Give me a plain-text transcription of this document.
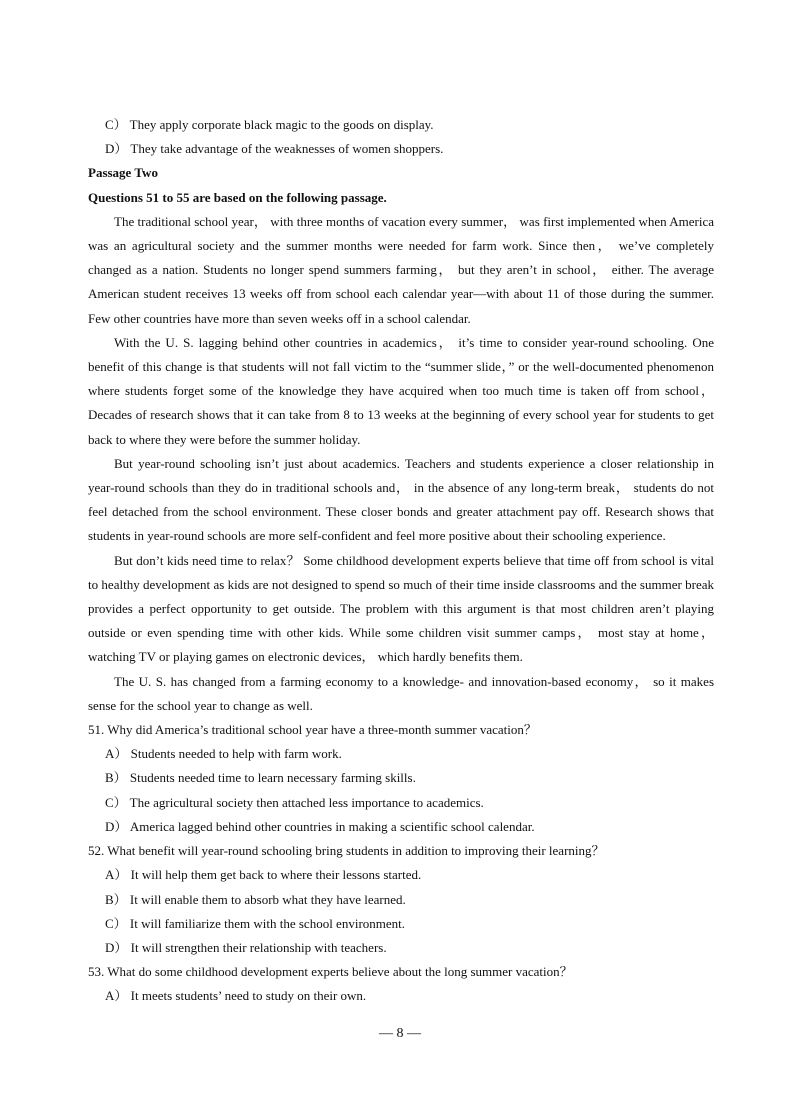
C） They apply corporate black magic to the goods on display.
D） They take advantage of the weaknesses of women shoppers.
Passage Two
Questions 51 to 55 are based on the following passage.
The traditional school year， with three months of vacation every summer， was first implemented when America was an agricultural society and the summer months were needed for farm work. Since then， we’ve completely changed as a nation. Students no longer spend summers farming， but they aren’t in school， either. The average American student receives 13 weeks off from school each calendar year—with about 11 of those during the summer. Few other countries have more than seven weeks off in a school calendar.
With the U. S. lagging behind other countries in academics， it’s time to consider year-round schooling. One benefit of this change is that students will not fall victim to the “summer slide，” or the well-documented phenomenon where students forget some of the knowledge they have acquired when too much time is taken off from school， Decades of research shows that it can take from 8 to 13 weeks at the beginning of every school year for students to get back to where they were before the summer holiday.
But year-round schooling isn’t just about academics. Teachers and students experience a closer relationship in year-round schools than they do in traditional schools and， in the absence of any long-term break， students do not feel detached from the school environment. These closer bonds and greater attachment pay off. Research shows that students in year-round schools are more self-confident and feel more positive about their schooling experience.
But don’t kids need time to relax？ Some childhood development experts believe that time off from school is vital to healthy development as kids are not designed to spend so much of their time inside classrooms and the summer break provides a perfect opportunity to get outside. The problem with this argument is that most children aren’t playing outside or even spending time with other kids. While some children visit summer camps， most stay at home， watching TV or playing games on electronic devices， which hardly benefits them.
The U. S. has changed from a farming economy to a knowledge- and innovation-based economy， so it makes sense for the school year to change as well.
51. Why did America’s traditional school year have a three-month summer vacation？
A） Students needed to help with farm work.
B） Students needed time to learn necessary farming skills.
C） The agricultural society then attached less importance to academics.
D） America lagged behind other countries in making a scientific school calendar.
52. What benefit will year-round schooling bring students in addition to improving their learning？
A） It will help them get back to where their lessons started.
B） It will enable them to absorb what they have learned.
C） It will familiarize them with the school environment.
D） It will strengthen their relationship with teachers.
53. What do some childhood development experts believe about the long summer vacation？
A） It meets students’ need to study on their own.
— 8 —
